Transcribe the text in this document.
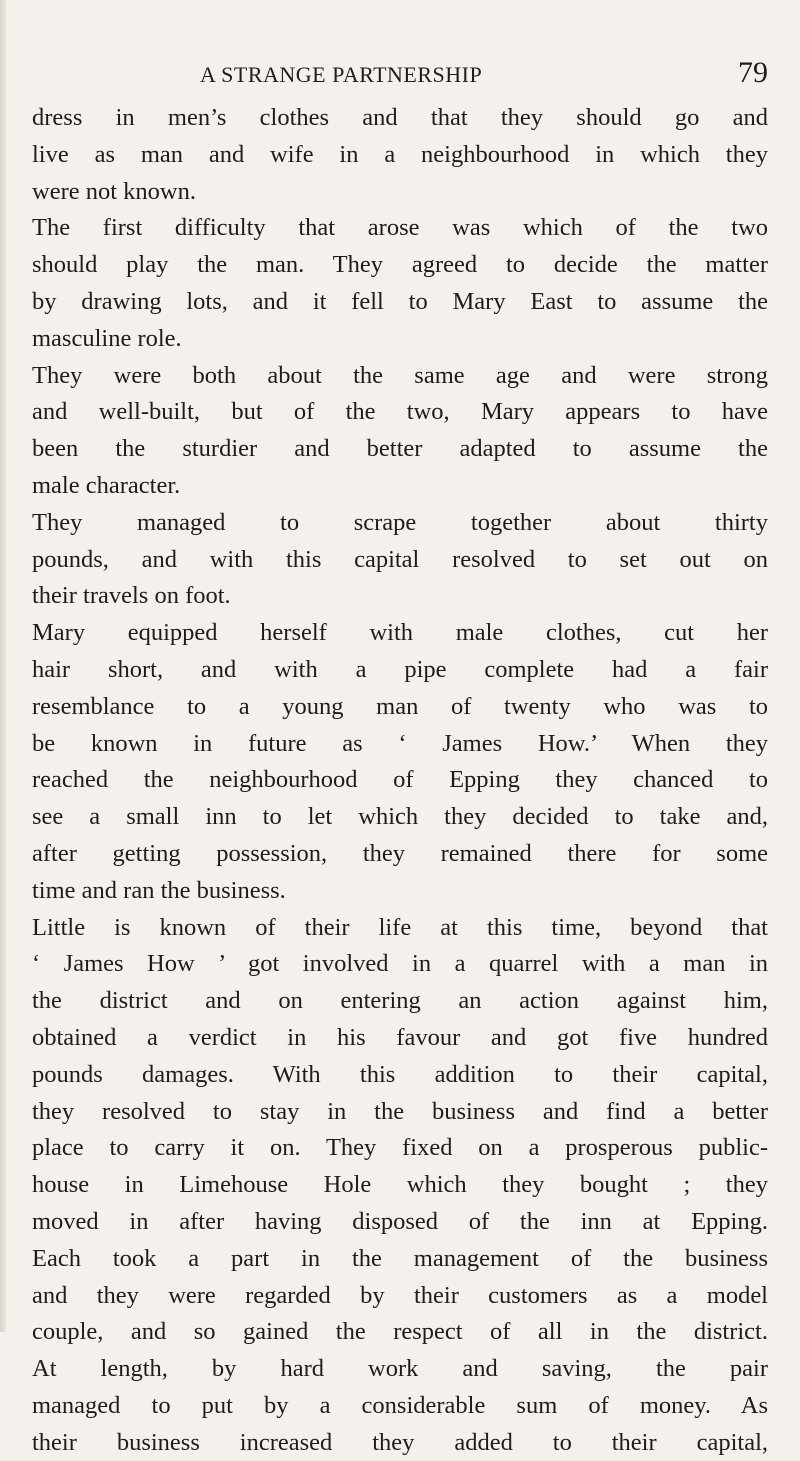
A STRANGE PARTNERSHIP	79
dress in men’s clothes and that they should go and
live as man and wife in a neighbourhood in which they
were not known.
The first difficulty that arose was which of the two
should play the man. They agreed to decide the matter
by drawing lots, and it fell to Mary East to assume the
masculine role.
They were both about the same age and were strong
and well-built, but of the two, Mary appears to have
been the sturdier and better adapted to assume the
male character.
They managed to scrape together about thirty
pounds, and with this capital resolved to set out on
their travels on foot.
Mary equipped herself with male clothes, cut her
hair short, and with a pipe complete had a fair
resemblance to a young man of twenty who was to
be known in future as ‘ James How.’ When they
reached the neighbourhood of Epping they chanced to
see a small inn to let which they decided to take and,
after getting possession, they remained there for some
time and ran the business.
Little is known of their life at this time, beyond that
‘ James How ’ got involved in a quarrel with a man in
the district and on entering an action against him,
obtained a verdict in his favour and got five hundred
pounds damages. With this addition to their capital,
they resolved to stay in the business and find a better
place to carry it on. They fixed on a prosperous public-
house in Limehouse Hole which they bought ; they
moved in after having disposed of the inn at Epping.
Each took a part in the management of the business
and they were regarded by their customers as a model
couple, and so gained the respect of all in the district.
At length, by hard work and saving, the pair
managed to put by a considerable sum of money. As
their business increased they added to their capital,
